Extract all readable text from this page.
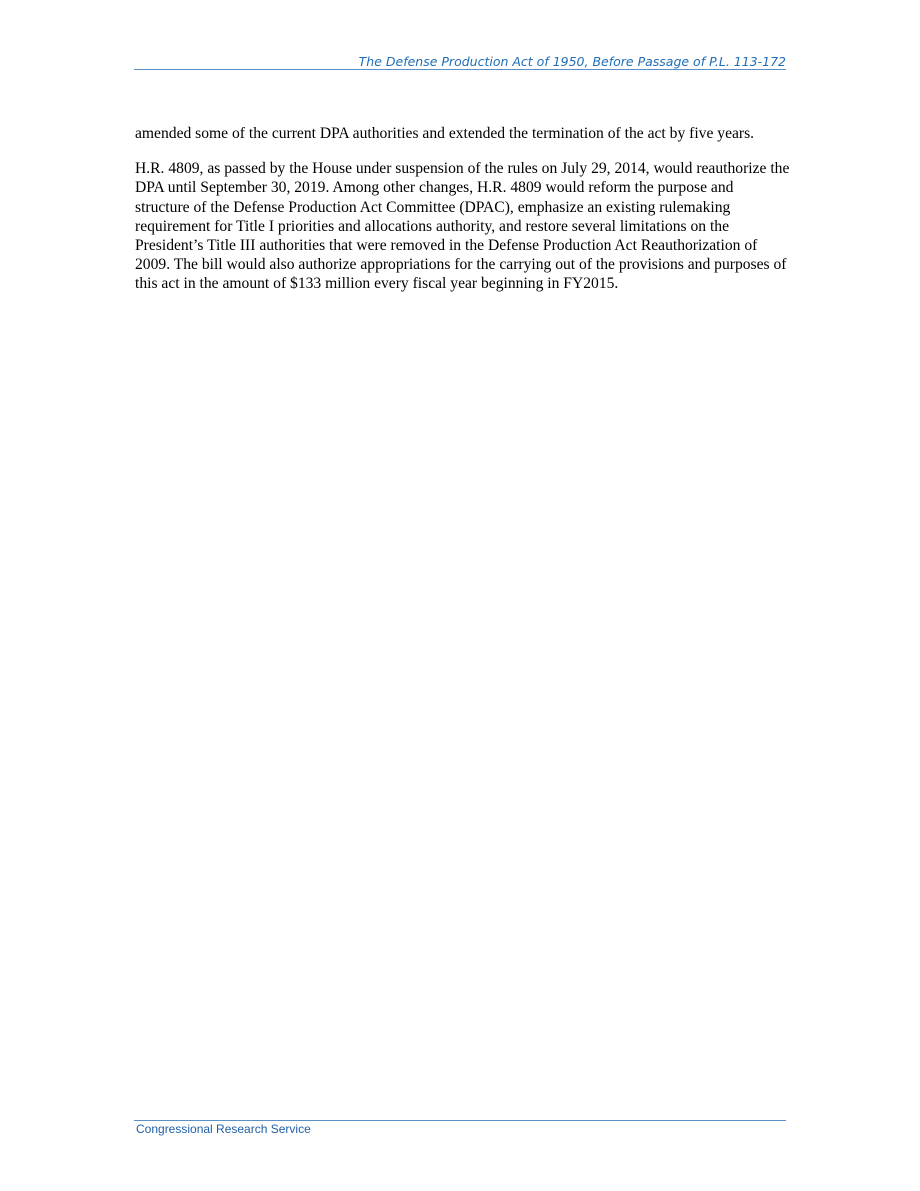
The Defense Production Act of 1950, Before Passage of P.L. 113-172

amended some of the current DPA authorities and extended the termination of the act by five years.

H.R. 4809, as passed by the House under suspension of the rules on July 29, 2014, would reauthorize the DPA until September 30, 2019. Among other changes, H.R. 4809 would reform the purpose and structure of the Defense Production Act Committee (DPAC), emphasize an existing rulemaking requirement for Title I priorities and allocations authority, and restore several limitations on the President’s Title III authorities that were removed in the Defense Production Act Reauthorization of 2009. The bill would also authorize appropriations for the carrying out of the provisions and purposes of this act in the amount of $133 million every fiscal year beginning in FY2015.

Congressional Research Service
